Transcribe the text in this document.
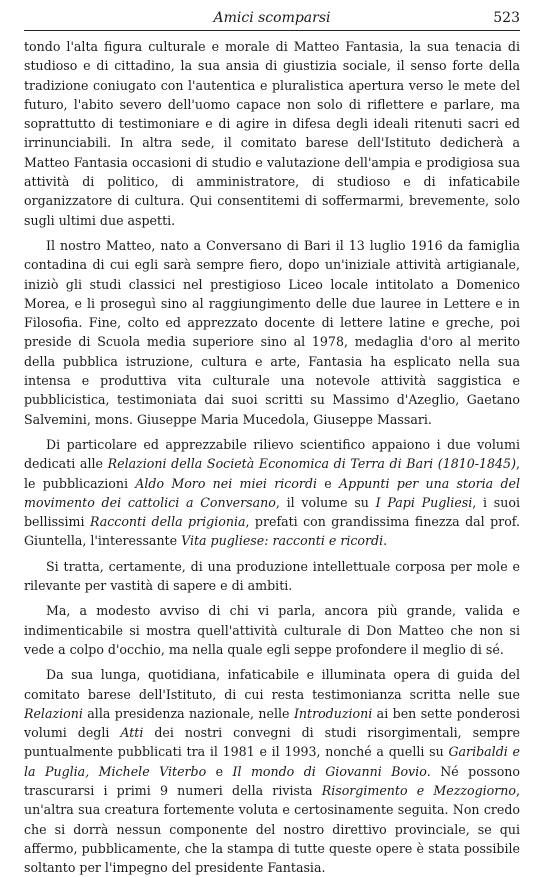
Amici scomparsi	523

tondo l'alta figura culturale e morale di Matteo Fantasia, la sua tenacia di studioso e di cittadino, la sua ansia di giustizia sociale, il senso forte della tradizione coniugato con l'autentica e pluralistica apertura verso le mete del futuro, l'abito severo dell'uomo capace non solo di riflettere e parlare, ma soprattutto di testimoniare e di agire in difesa degli ideali ritenuti sacri ed irrinunciabili. In altra sede, il comitato barese dell'Istituto dedicherà a Matteo Fantasia occasioni di studio e valutazione dell'ampia e prodigiosa sua attività di politico, di amministratore, di studioso e di infaticabile organizzatore di cultura. Qui consentitemi di soffermarmi, brevemente, solo sugli ultimi due aspetti.

Il nostro Matteo, nato a Conversano di Bari il 13 luglio 1916 da famiglia contadina di cui egli sarà sempre fiero, dopo un'iniziale attività artigianale, iniziò gli studi classici nel prestigioso Liceo locale intitolato a Domenico Morea, e li proseguì sino al raggiungimento delle due lauree in Lettere e in Filosofia. Fine, colto ed apprezzato docente di lettere latine e greche, poi preside di Scuola media superiore sino al 1978, medaglia d'oro al merito della pubblica istruzione, cultura e arte, Fantasia ha esplicato nella sua intensa e produttiva vita culturale una notevole attività saggistica e pubblicistica, testimoniata dai suoi scritti su Massimo d'Azeglio, Gaetano Salvemini, mons. Giuseppe Maria Mucedola, Giuseppe Massari.

Di particolare ed apprezzabile rilievo scientifico appaiono i due volumi dedicati alle Relazioni della Società Economica di Terra di Bari (1810-1845), le pubblicazioni Aldo Moro nei miei ricordi e Appunti per una storia del movimento dei cattolici a Conversano, il volume su I Papi Pugliesi, i suoi bellissimi Racconti della prigionia, prefati con grandissima finezza dal prof. Giuntella, l'interessante Vita pugliese: racconti e ricordi.

Si tratta, certamente, di una produzione intellettuale corposa per mole e rilevante per vastità di sapere e di ambiti.

Ma, a modesto avviso di chi vi parla, ancora più grande, valida e indimenticabile si mostra quell'attività culturale di Don Matteo che non si vede a colpo d'occhio, ma nella quale egli seppe profondere il meglio di sé.

Da sua lunga, quotidiana, infaticabile e illuminata opera di guida del comitato barese dell'Istituto, di cui resta testimonianza scritta nelle sue Relazioni alla presidenza nazionale, nelle Introduzioni ai ben sette ponderosi volumi degli Atti dei nostri convegni di studi risorgimentali, sempre puntualmente pubblicati tra il 1981 e il 1993, nonché a quelli su Garibaldi e la Puglia, Michele Viterbo e Il mondo di Giovanni Bovio. Né possono trascurarsi i primi 9 numeri della rivista Risorgimento e Mezzogiorno, un'altra sua creatura fortemente voluta e certosinamente seguita. Non credo che si dorrà nessun componente del nostro direttivo provinciale, se qui affermo, pubblicamente, che la stampa di tutte queste opere è stata possibile soltanto per l'impegno del presidente Fantasia.
